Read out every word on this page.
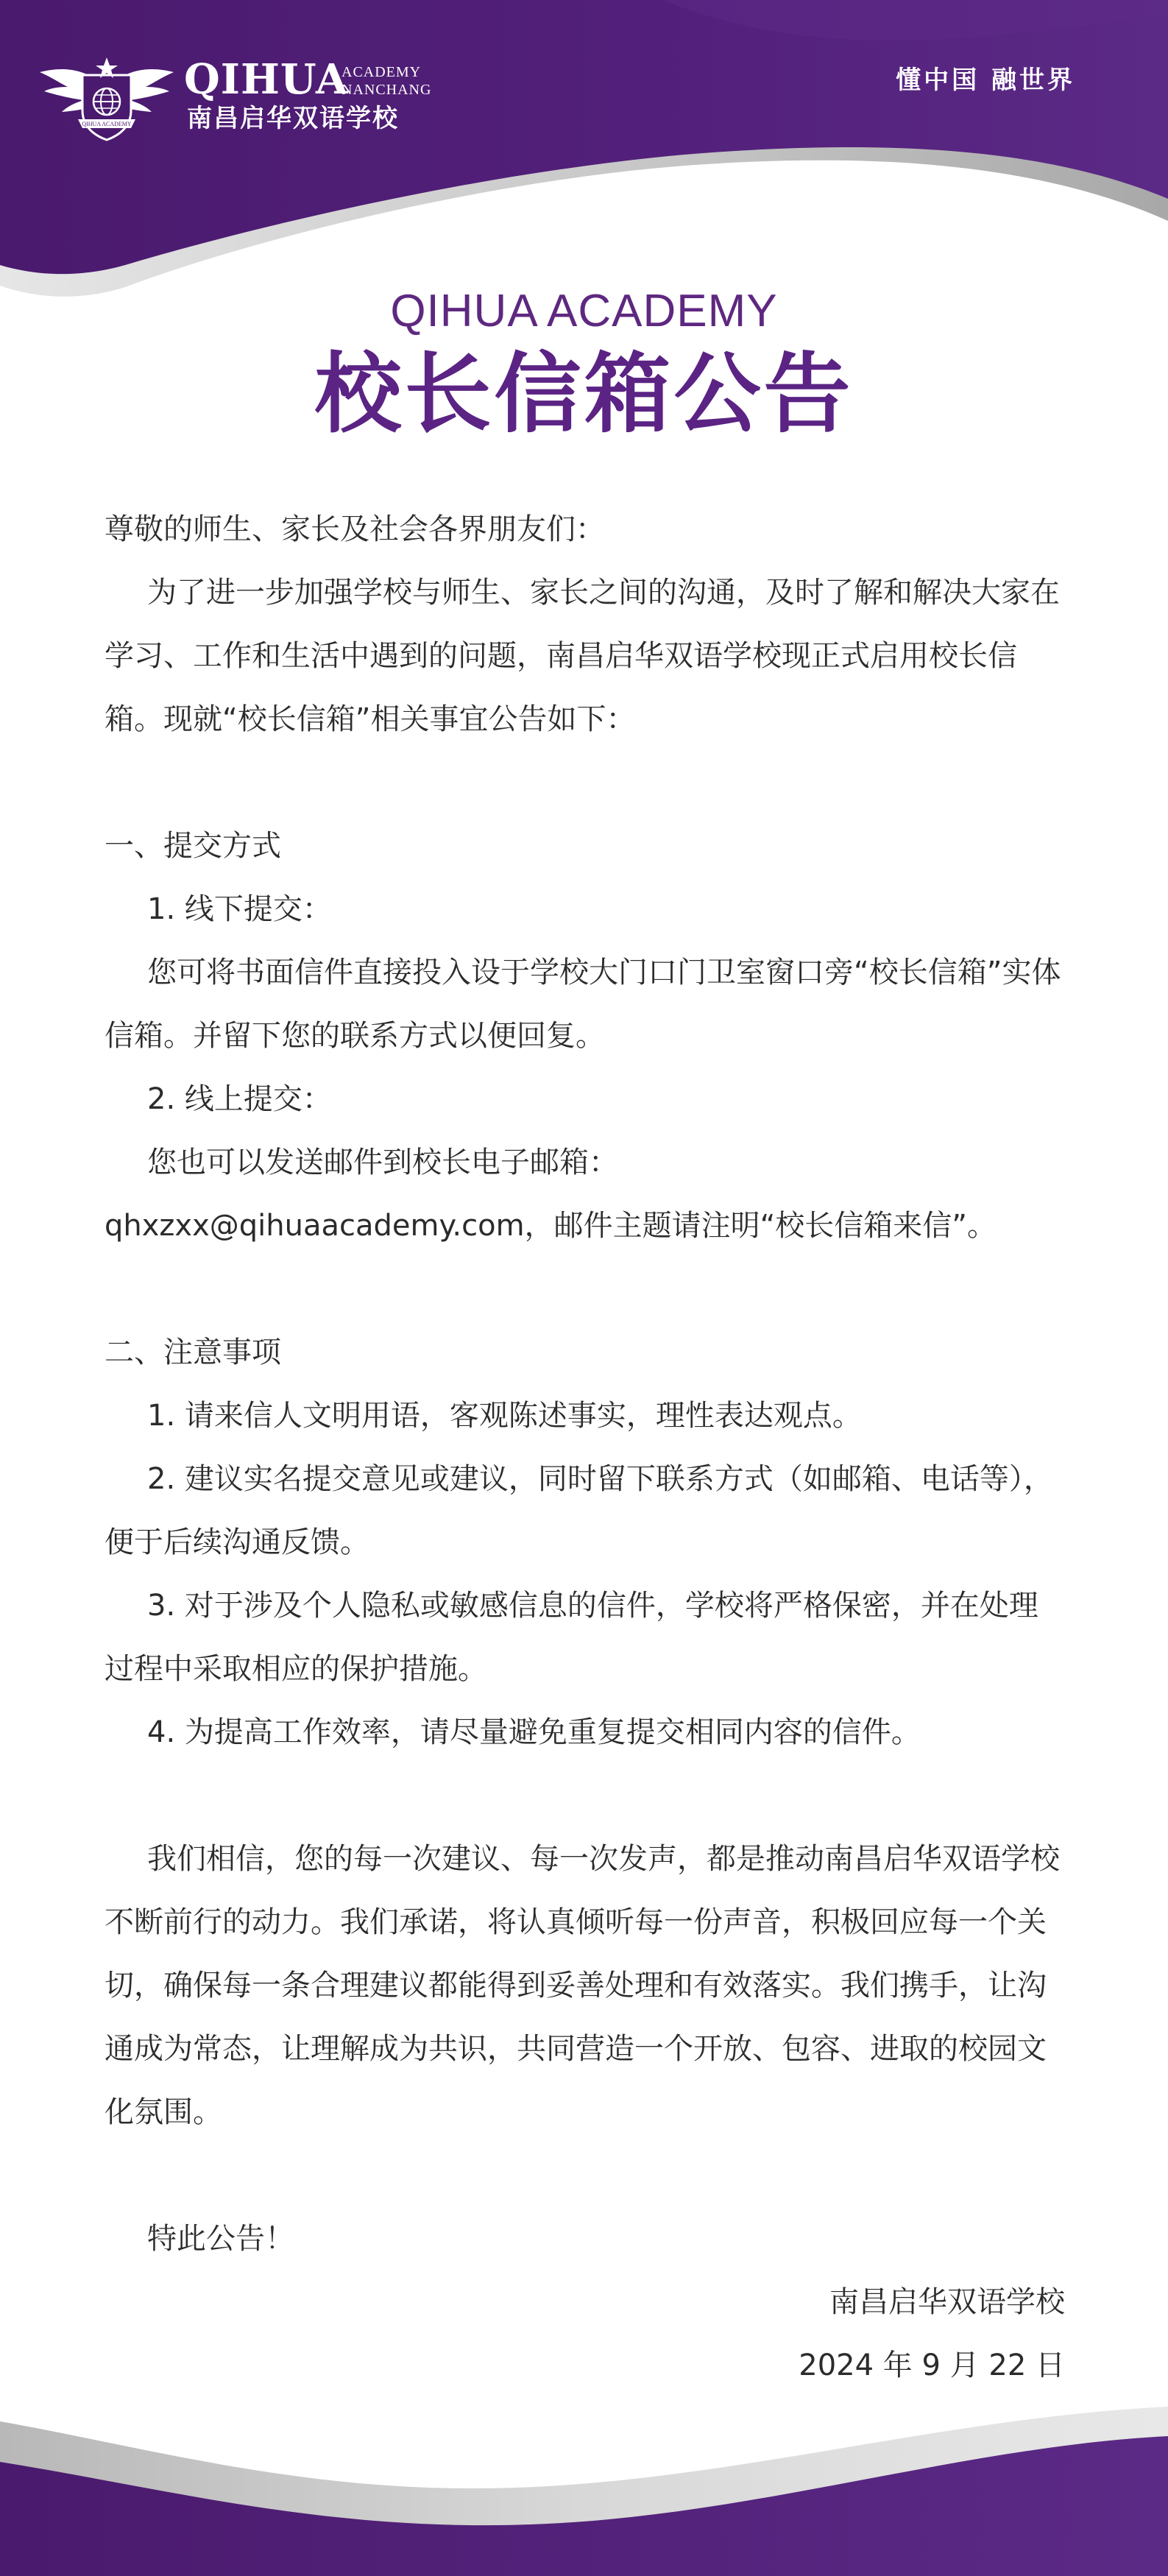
QIHUA ACADEMY
QIHUA
ACADEMY
NANCHANG
南昌启华双语学校
懂中国 融世界
QIHUA ACADEMY
校长信箱公告

尊敬的师生、家长及社会各界朋友们：

为了进一步加强学校与师生、家长之间的沟通，及时了解和解决大家在学习、工作和生活中遇到的问题，南昌启华双语学校现正式启用校长信箱。现就“校长信箱”相关事宜公告如下：

一、提交方式

1. 线下提交：

您可将书面信件直接投入设于学校大门口门卫室窗口旁“校长信箱”实体信箱。并留下您的联系方式以便回复。

2. 线上提交：

您也可以发送邮件到校长电子邮箱：qhxzxx@qihuaacademy.com，邮件主题请注明“校长信箱来信”。

二、注意事项

1. 请来信人文明用语，客观陈述事实，理性表达观点。

2. 建议实名提交意见或建议，同时留下联系方式（如邮箱、电话等），便于后续沟通反馈。

3. 对于涉及个人隐私或敏感信息的信件，学校将严格保密，并在处理过程中采取相应的保护措施。

4. 为提高工作效率，请尽量避免重复提交相同内容的信件。

我们相信，您的每一次建议、每一次发声，都是推动南昌启华双语学校不断前行的动力。我们承诺，将认真倾听每一份声音，积极回应每一个关切，确保每一条合理建议都能得到妥善处理和有效落实。我们携手，让沟通成为常态，让理解成为共识，共同营造一个开放、包容、进取的校园文化氛围。

特此公告！

南昌启华双语学校

2024 年 9 月 22 日
